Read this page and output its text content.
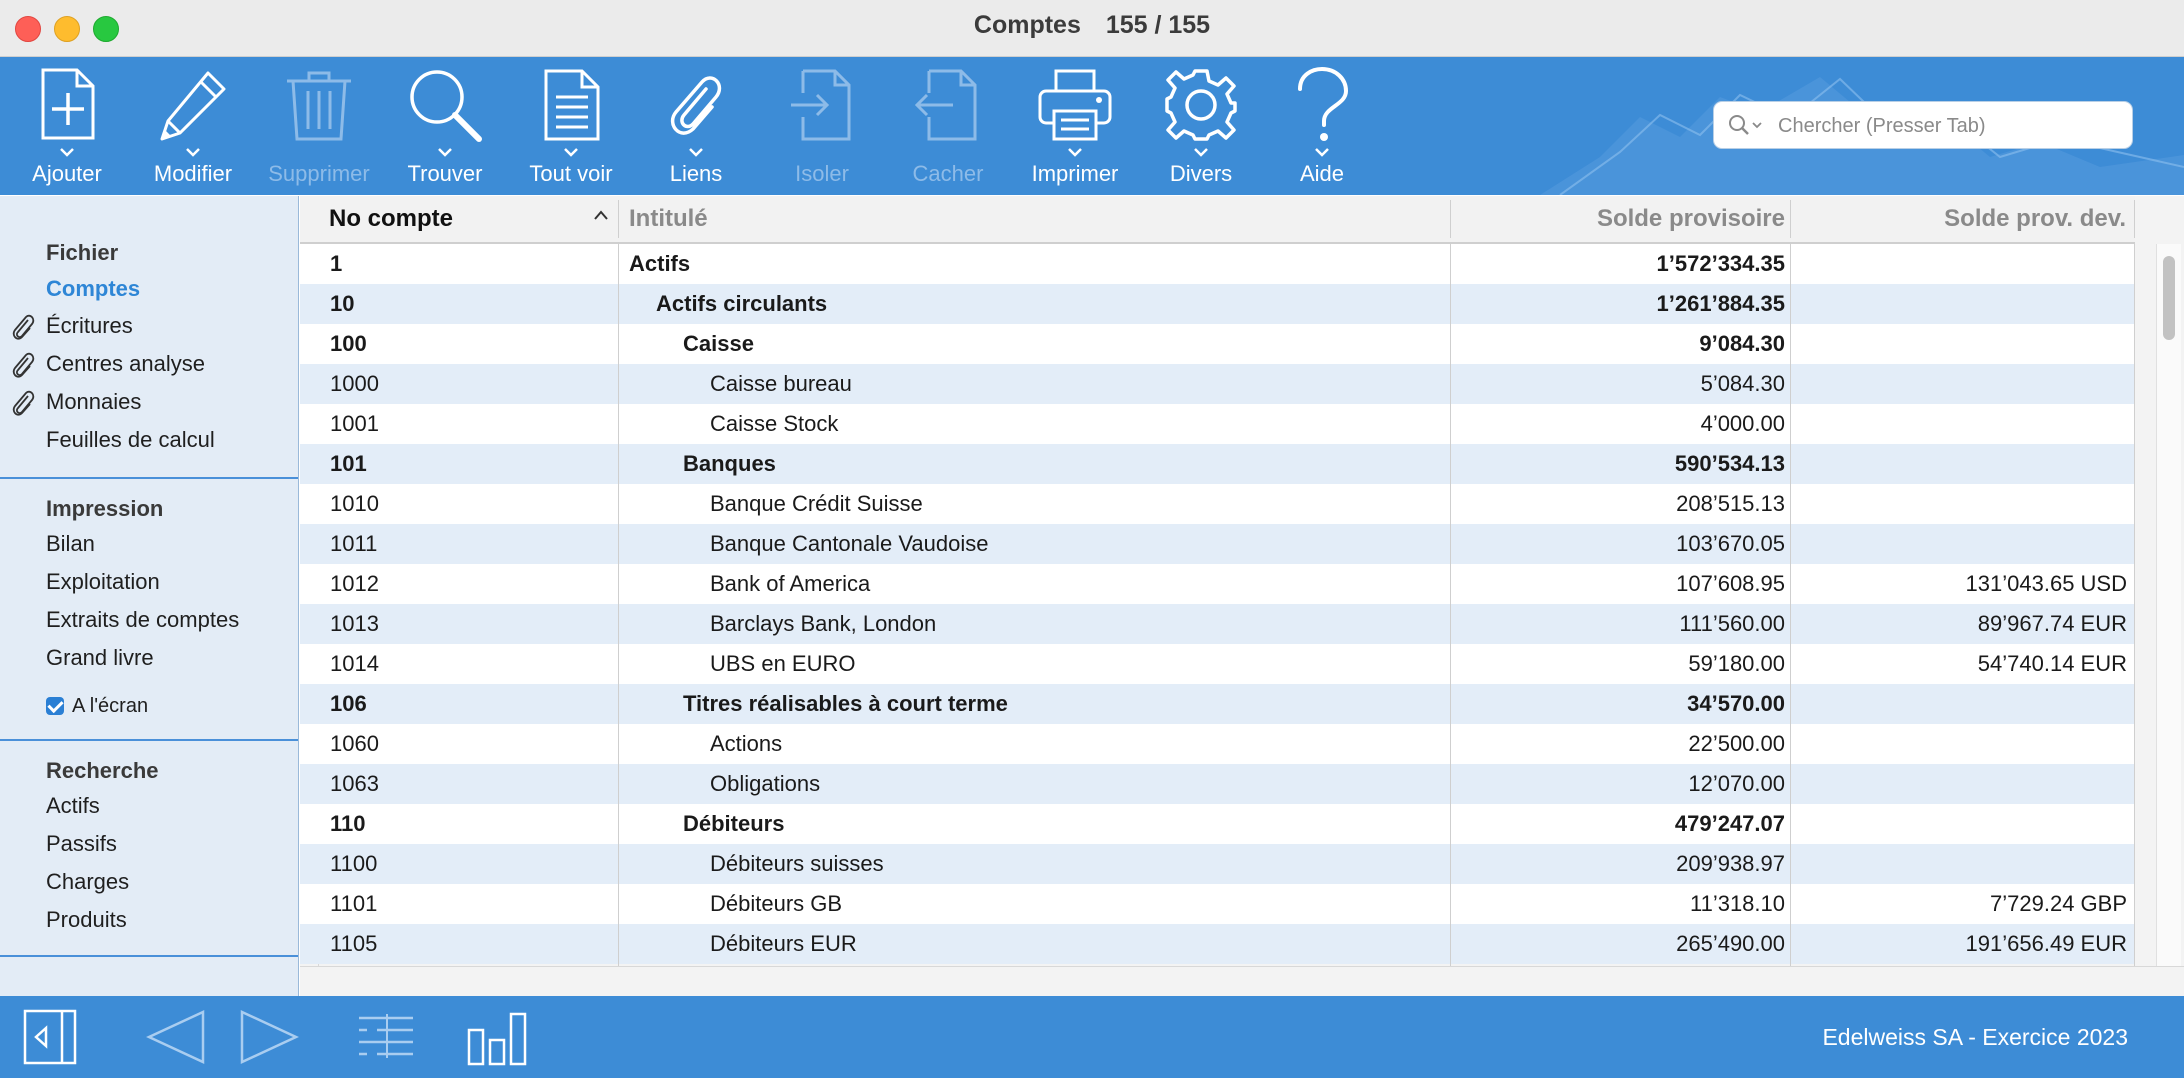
Comptes 155 / 155
Ajouter	Modifier	Supprimer	Trouver	Tout voir	Liens	Isoler	Cacher	Imprimer	Divers	Aide
Chercher (Presser Tab)
Fichier
Comptes
Écritures
Centres analyse
Monnaies
Feuilles de calcul
Impression
Bilan
Exploitation
Extraits de comptes
Grand livre
A l'écran
Recherche
Actifs
Passifs
Charges
Produits
No compte	Intitulé	Solde provisoire	Solde prov. dev.
1	Actifs	1’572’334.35
10	Actifs circulants	1’261’884.35
100	Caisse	9’084.30
1000	Caisse bureau	5’084.30
1001	Caisse Stock	4’000.00
101	Banques	590’534.13
1010	Banque Crédit Suisse	208’515.13
1011	Banque Cantonale Vaudoise	103’670.05
1012	Bank of America	107’608.95	131’043.65 USD
1013	Barclays Bank, London	111’560.00	89’967.74 EUR
1014	UBS en EURO	59’180.00	54’740.14 EUR
106	Titres réalisables à court terme	34’570.00
1060	Actions	22’500.00
1063	Obligations	12’070.00
110	Débiteurs	479’247.07
1100	Débiteurs suisses	209’938.97
1101	Débiteurs GB	11’318.10	7’729.24 GBP
1105	Débiteurs EUR	265’490.00	191’656.49 EUR
Edelweiss SA - Exercice 2023
